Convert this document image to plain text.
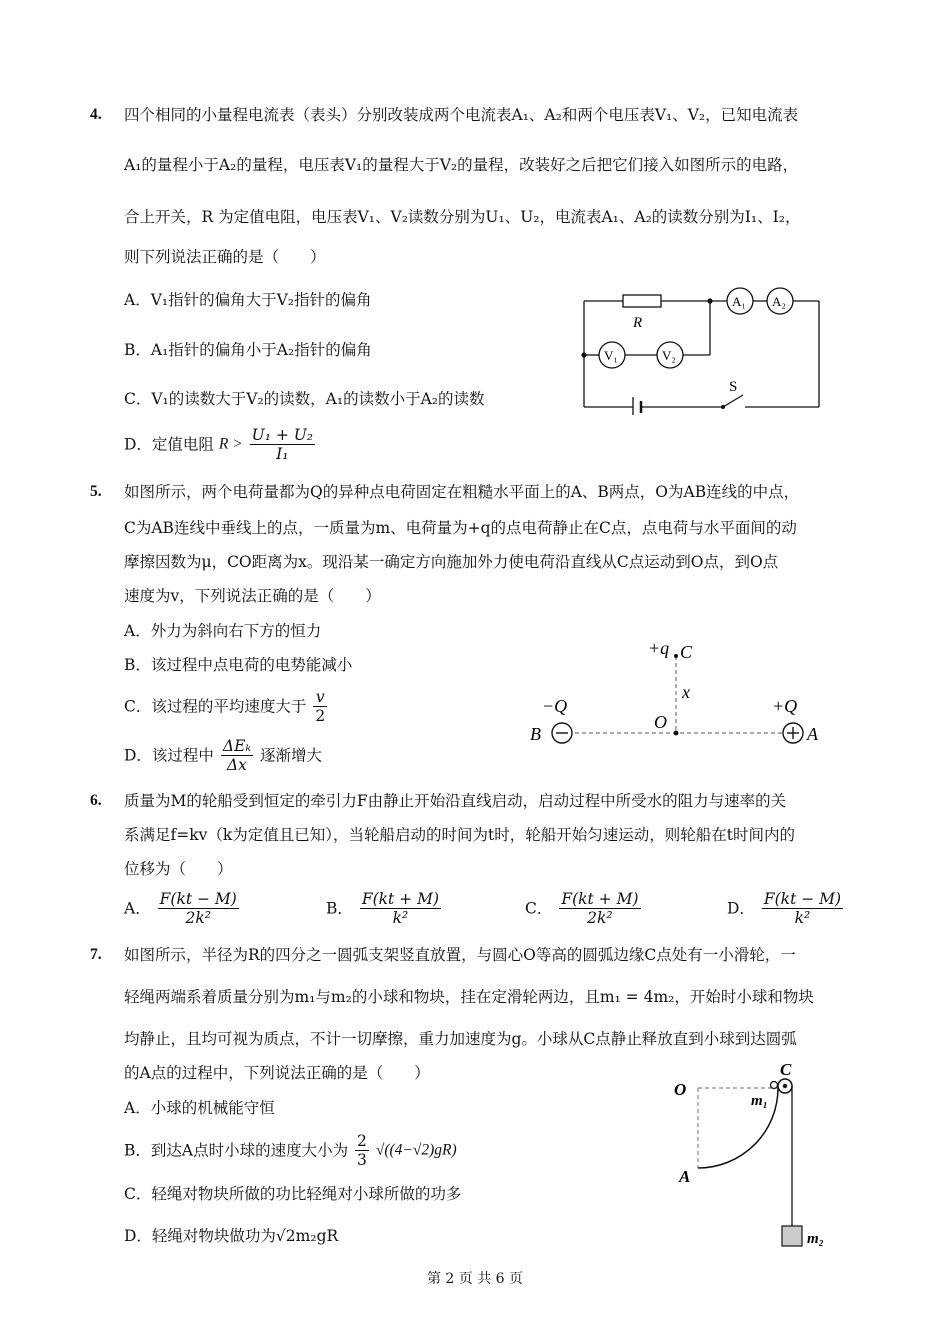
4. 四个相同的小量程电流表（表头）分别改装成两个电流表A₁、A₂和两个电压表V₁、V₂，已知电流表
A₁的量程小于A₂的量程，电压表V₁的量程大于V₂的量程，改装好之后把它们接入如图所示的电路，
合上开关，R 为定值电阻，电压表V₁、V₂读数分别为U₁、U₂，电流表A₁、A₂的读数分别为I₁、I₂，
则下列说法正确的是（　　）
A．V₁指针的偏角大于V₂指针的偏角
B．A₁指针的偏角小于A₂指针的偏角
C．V₁的读数大于V₂的读数，A₁的读数小于A₂的读数
D．定值电阻 $R > \frac{\text{U₁ + U₂}}{\text{I₁}}$
R
A₁ A₂
V₁	V₂
S
5. 如图所示，两个电荷量都为Q的异种点电荷固定在粗糙水平面上的A、B两点，O为AB连线的中点，
C为AB连线中垂线上的点，一质量为m、电荷量为+q的点电荷静止在C点，点电荷与水平面间的动
摩擦因数为μ，CO距离为x。现沿某一确定方向施加外力使电荷沿直线从C点运动到O点，到O点
速度为v，下列说法正确的是（　　）
A．外力为斜向右下方的恒力
B．该过程中点电荷的电势能减小
C．该过程的平均速度大于 $\frac{v}{2}$
D．该过程中 $\frac{\text{ΔEₖ}}{\Delta x}$ 逐渐增大
+q C
x
−Q	+Q
B
O
A
6. 质量为M的轮船受到恒定的牵引力F由静止开始沿直线启动，启动过程中所受水的阻力与速率的关
系满足f=kv（k为定值且已知），当轮船启动的时间为t时，轮船开始匀速运动，则轮船在t时间内的
位移为（　　）
A． $\frac{F(kt - M)}{\text{2k²}}$	B． $\frac{F(kt + M)}{\text{k²}}$	C． $\frac{F(kt + M)}{\text{2k²}}$	D． $\frac{F(kt - M)}{\text{k²}}$
7. 如图所示，半径为R的四分之一圆弧支架竖直放置，与圆心O等高的圆弧边缘C点处有一小滑轮，一
轻绳两端系着质量分别为m₁与m₂的小球和物块，挂在定滑轮两边，且m₁ = 4m₂，开始时小球和物块
均静止，且均可视为质点，不计一切摩擦，重力加速度为g。小球从C点静止释放直到小球到达圆弧
的A点的过程中，下列说法正确的是（　　）
A．小球的机械能守恒
B．到达A点时小球的速度大小为 $\frac{2}{3} √((4-√2)gR)$
C．轻绳对物块所做的功比轻绳对小球所做的功多
D．轻绳对物块做功为√2m₂gR
O
C
m₁
A
m₂
第 2 页 共 6 页
